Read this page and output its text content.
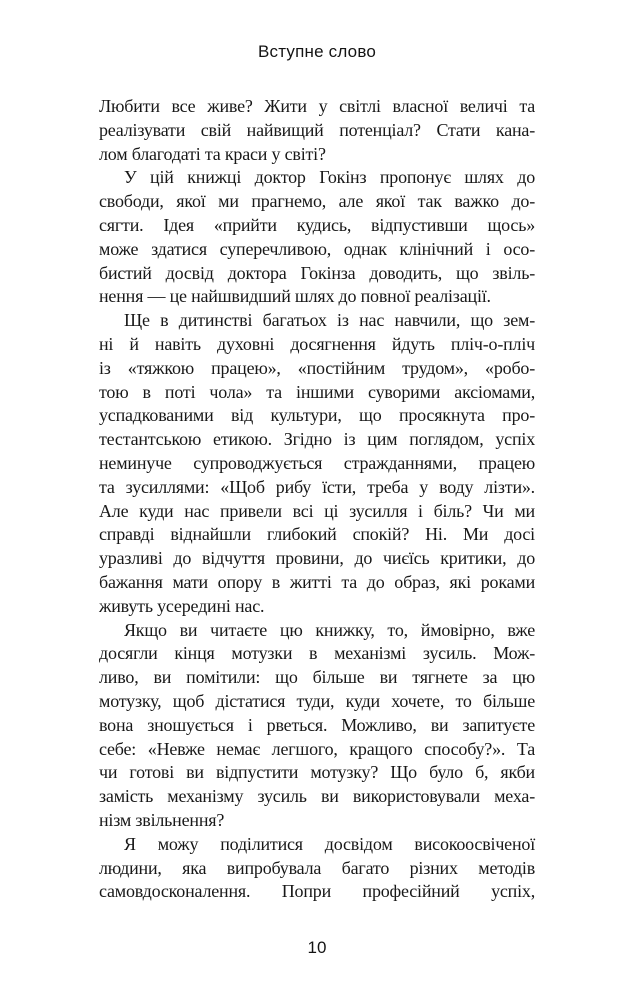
Вступне слово
Любити все живе? Жити у світлі власної величі та
реалізувати свій найвищий потенціал? Стати кана-
лом благодаті та краси у світі?
У цій книжці доктор Гокінз пропонує шлях до
свободи, якої ми прагнемо, але якої так важко до-
сягти. Ідея «прийти кудись, відпустивши щось»
може здатися суперечливою, однак клінічний і осо-
бистий досвід доктора Гокінза доводить, що звіль-
нення — це найшвидший шлях до повної реалізації.
Ще в дитинстві багатьох із нас навчили, що зем-
ні й навіть духовні досягнення йдуть пліч-о-пліч
із «тяжкою працею», «постійним трудом», «робо-
тою в поті чола» та іншими суворими аксіомами,
успадкованими від культури, що просякнута про-
тестантською етикою. Згідно із цим поглядом, успіх
неминуче супроводжується стражданнями, працею
та зусиллями: «Щоб рибу їсти, треба у воду лізти».
Але куди нас привели всі ці зусилля і біль? Чи ми
справді віднайшли глибокий спокій? Ні. Ми досі
уразливі до відчуття провини, до чиєїсь критики, до
бажання мати опору в житті та до образ, які роками
живуть усередині нас.
Якщо ви читаєте цю книжку, то, ймовірно, вже
досягли кінця мотузки в механізмі зусиль. Мож-
ливо, ви помітили: що більше ви тягнете за цю
мотузку, щоб дістатися туди, куди хочете, то більше
вона зношується і рветься. Можливо, ви запитуєте
себе: «Невже немає легшого, кращого способу?». Та
чи готові ви відпустити мотузку? Що було б, якби
замість механізму зусиль ви використовували меха-
нізм звільнення?
Я можу поділитися досвідом високоосвіченої
людини, яка випробувала багато різних методів
самовдосконалення. Попри професійний успіх,
10
